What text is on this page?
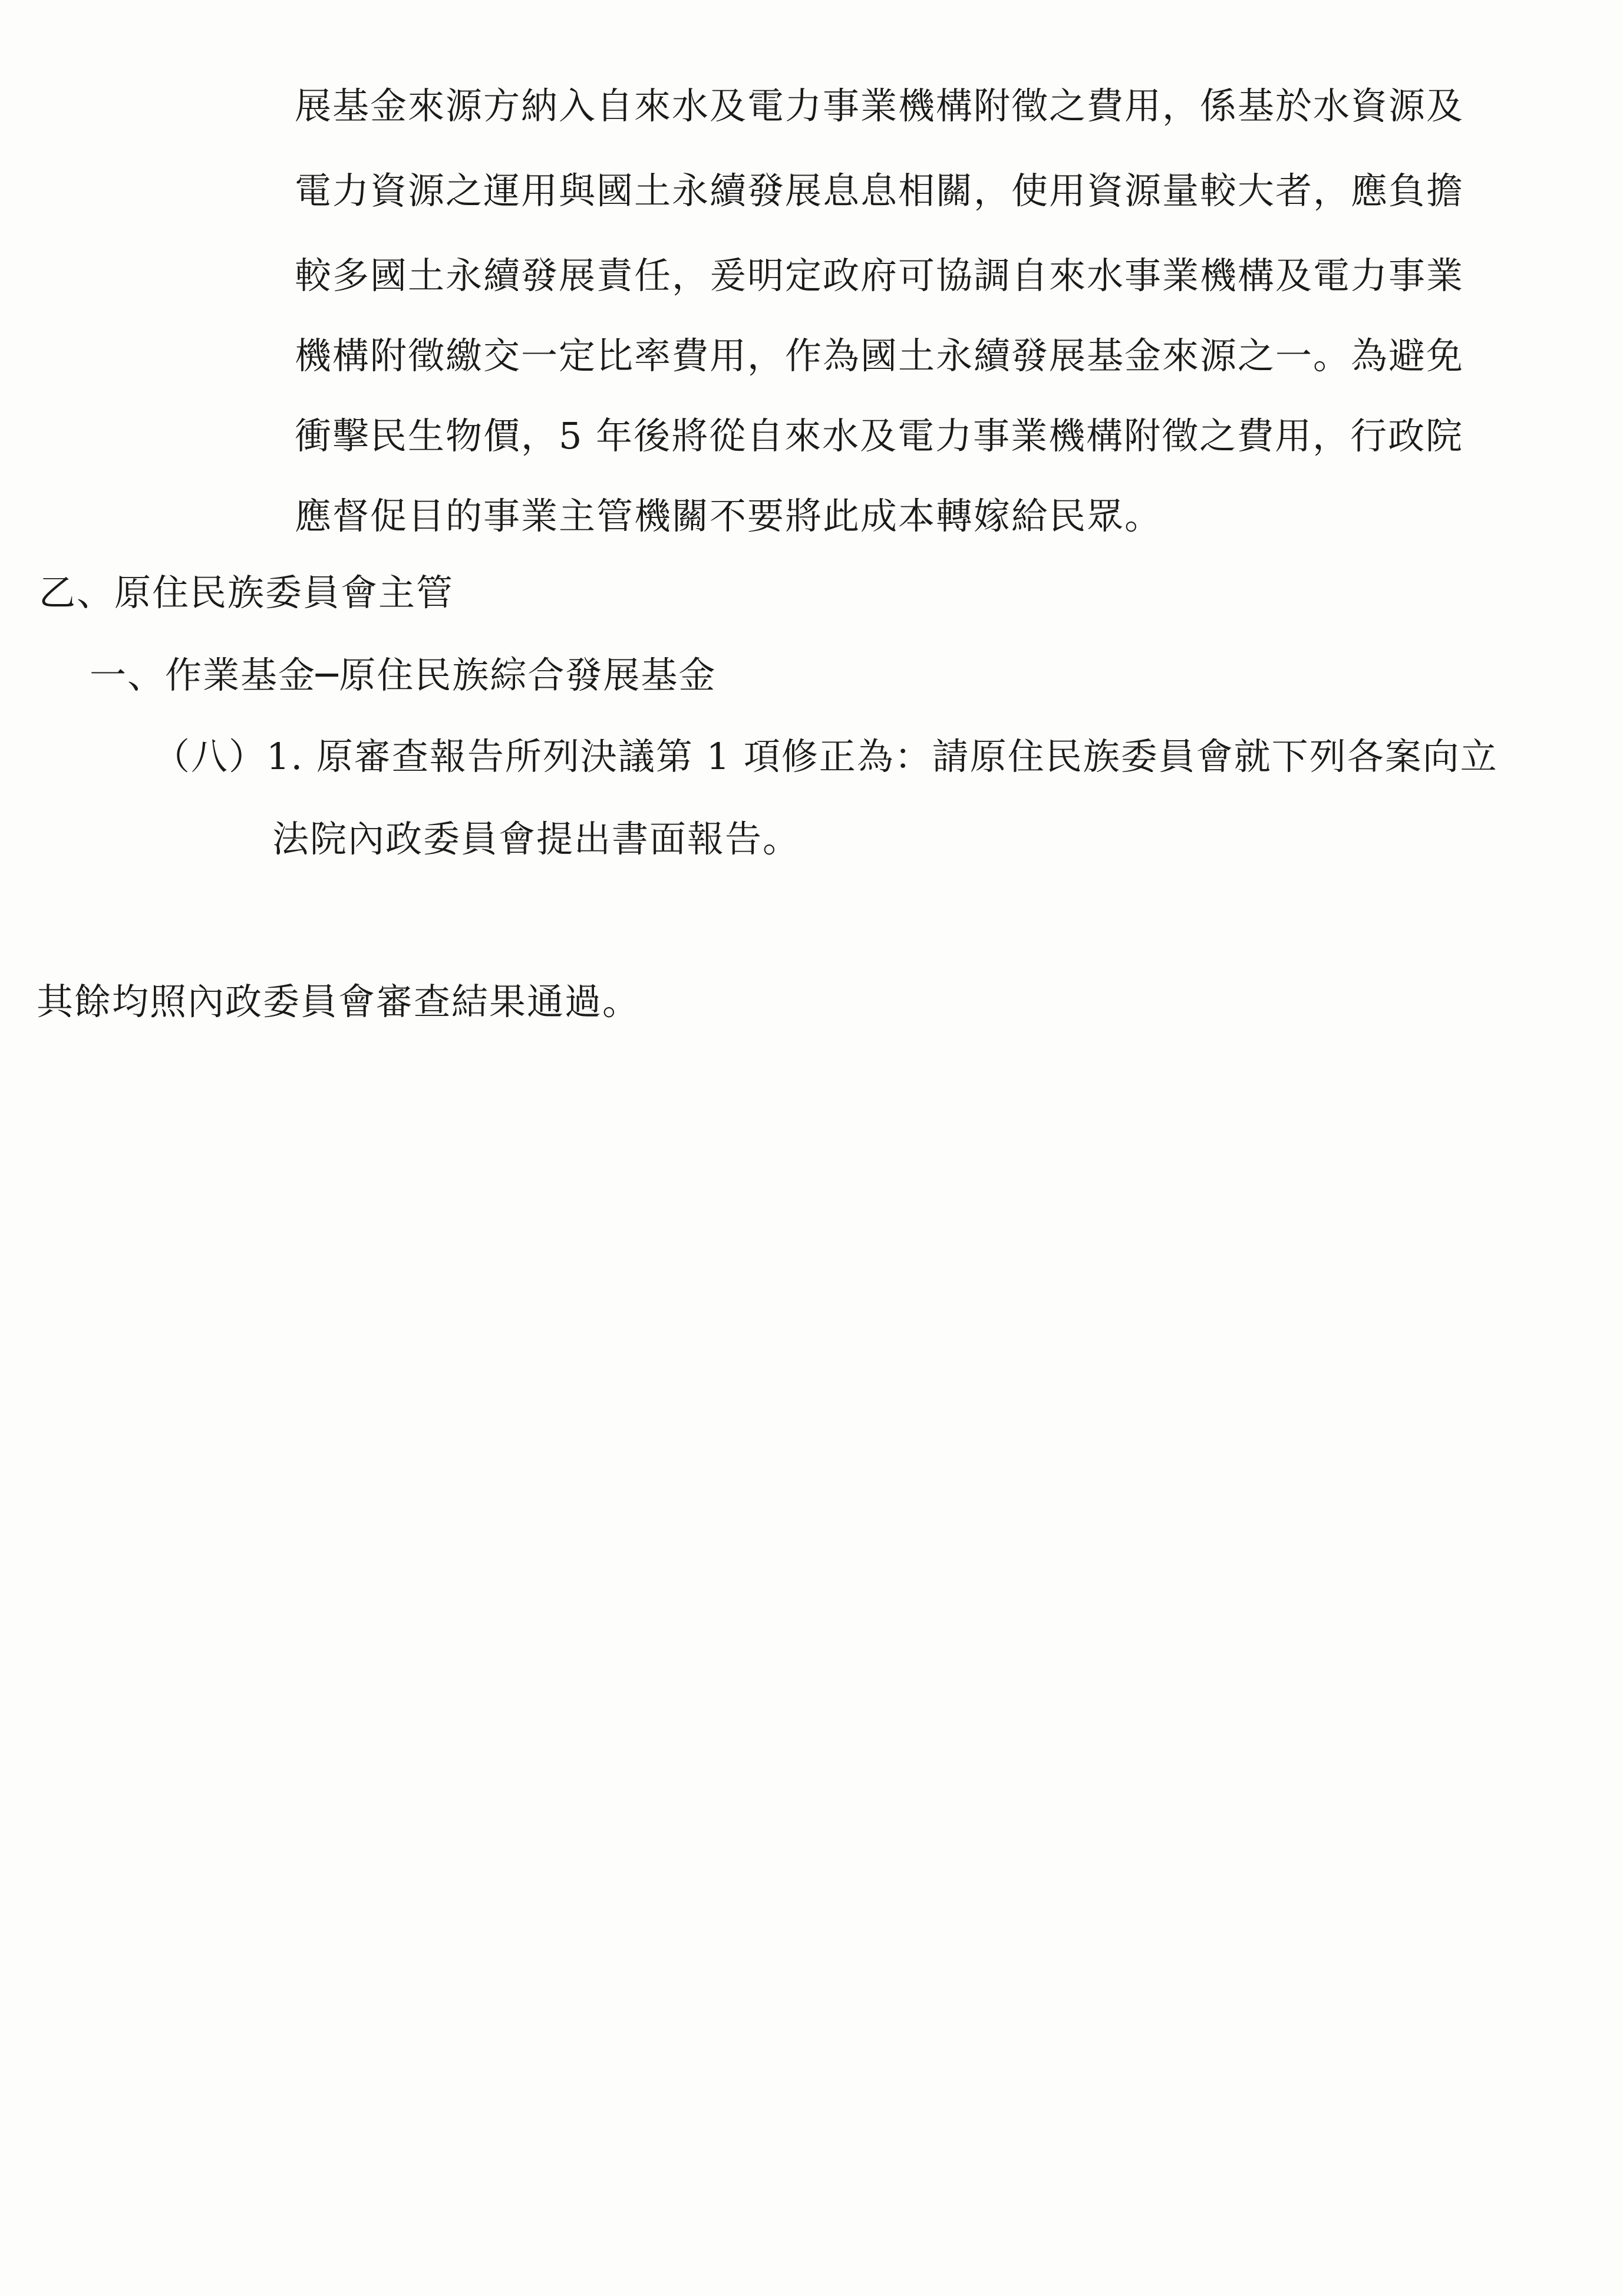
展基金來源方納入自來水及電力事業機構附徵之費用，係基於水資源及
電力資源之運用與國土永續發展息息相關，使用資源量較大者，應負擔
較多國土永續發展責任，爰明定政府可協調自來水事業機構及電力事業
機構附徵繳交一定比率費用，作為國土永續發展基金來源之一。為避免
衝擊民生物價，5 年後將從自來水及電力事業機構附徵之費用，行政院
應督促目的事業主管機關不要將此成本轉嫁給民眾。
乙、原住民族委員會主管
一、作業基金─原住民族綜合發展基金
（八）1. 原審查報告所列決議第 1 項修正為：請原住民族委員會就下列各案向立
法院內政委員會提出書面報告。
其餘均照內政委員會審查結果通過。
